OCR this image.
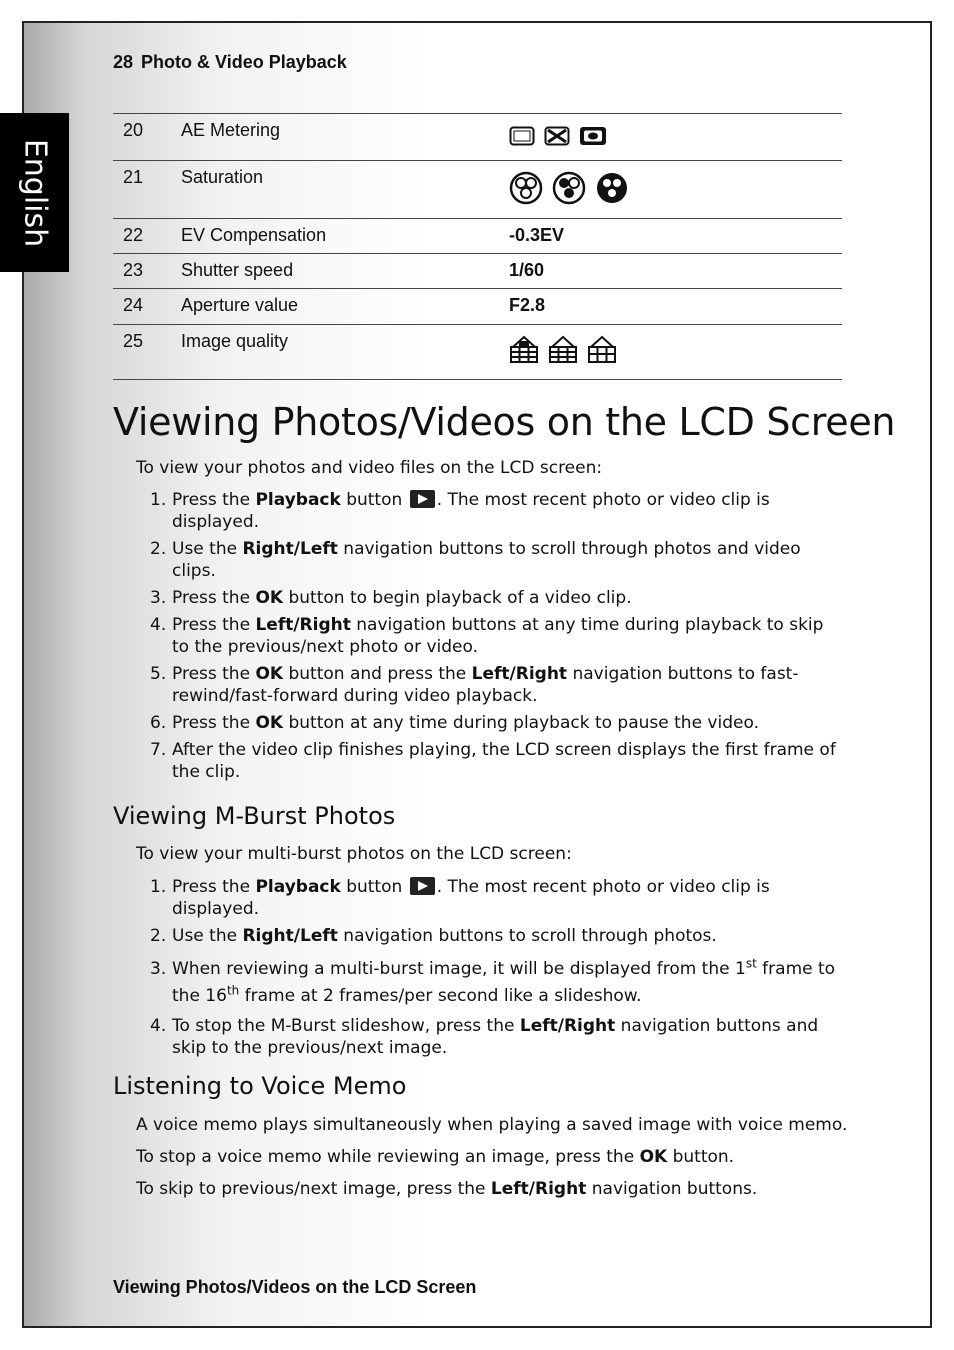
English
28 Photo & Video Playback
20	AE Metering	
21	Saturation	
22	EV Compensation	-0.3EV
23	Shutter speed	1/60
24	Aperture value	F2.8
25	Image quality	
Viewing Photos/Videos on the LCD Screen

To view your photos and video files on the LCD screen:

1. Press the Playback button . The most recent photo or video clip is displayed.
2. Use the Right/Left navigation buttons to scroll through photos and video clips.
3. Press the OK button to begin playback of a video clip.
4. Press the Left/Right navigation buttons at any time during playback to skip to the previous/next photo or video.
5. Press the OK button and press the Left/Right navigation buttons to fast-rewind/fast-forward during video playback.
6. Press the OK button at any time during playback to pause the video.
7. After the video clip finishes playing, the LCD screen displays the first frame of the clip.
Viewing M-Burst Photos

To view your multi-burst photos on the LCD screen:

1. Press the Playback button . The most recent photo or video clip is displayed.
2. Use the Right/Left navigation buttons to scroll through photos.
3. When reviewing a multi-burst image, it will be displayed from the 1st frame to the 16th frame at 2 frames/per second like a slideshow.
4. To stop the M-Burst slideshow, press the Left/Right navigation buttons and skip to the previous/next image.
Listening to Voice Memo

A voice memo plays simultaneously when playing a saved image with voice memo.

To stop a voice memo while reviewing an image, press the OK button.

To skip to previous/next image, press the Left/Right navigation buttons.

Viewing Photos/Videos on the LCD Screen
